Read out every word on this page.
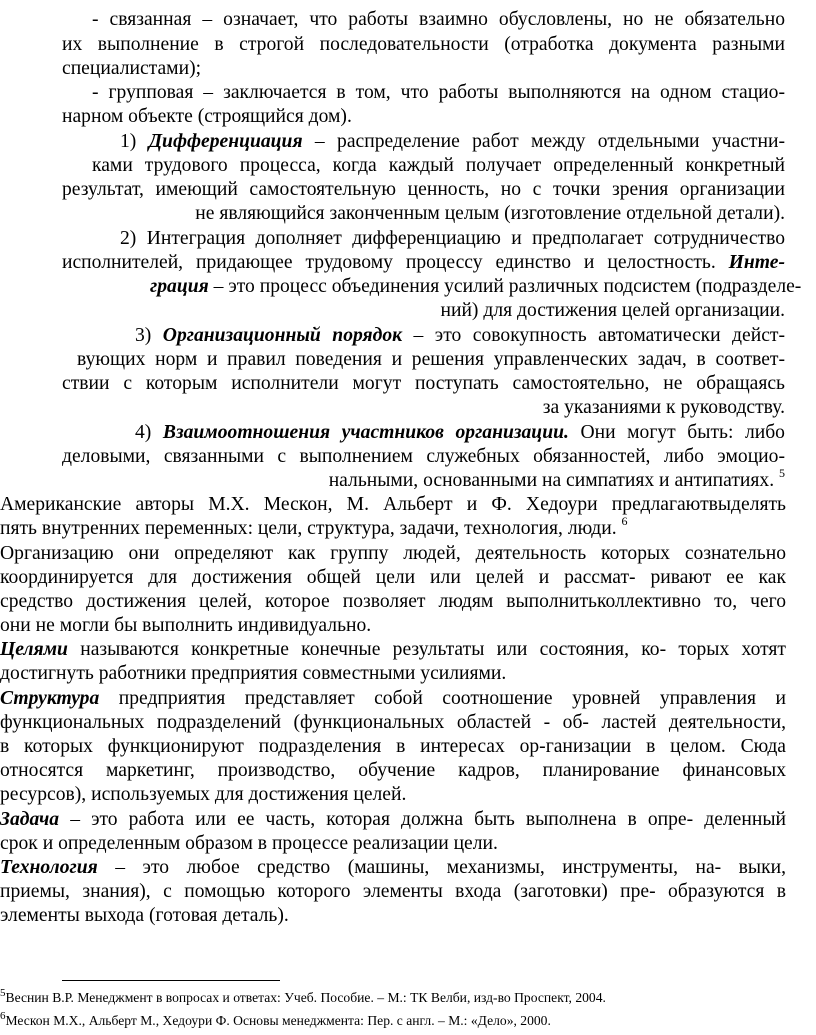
- связанная – означает, что работы взаимно обусловлены, но не обязательно
их выполнение в строгой последовательности (отработка документа разными
специалистами);
- групповая – заключается в том, что работы выполняются на одном стацио-
нарном объекте (строящийся дом).
1) Дифференциация – распределение работ между отдельными участни-
ками трудового процесса, когда каждый получает определенный конкретный
результат, имеющий самостоятельную ценность, но с точки зрения организации
не являющийся законченным целым (изготовление отдельной детали).
2) Интеграция дополняет дифференциацию и предполагает сотрудничество
исполнителей, придающее трудовому процессу единство и целостность. Инте-
грация – это процесс объединения усилий различных подсистем (подразделе-
ний) для достижения целей организации.
3) Организационный порядок – это совокупность автоматически дейст-
вующих норм и правил поведения и решения управленческих задач, в соответ-
ствии с которым исполнители могут поступать самостоятельно, не обращаясь
за указаниями к руководству.
4) Взаимоотношения участников организации. Они могут быть: либо
деловыми, связанными с выполнением служебных обязанностей, либо эмоцио-
нальными, основанными на симпатиях и антипатиях. $^5$
Американские авторы М.Х. Мескон, М. Альберт и Ф. Хедоури предлагаютвыделять
пять внутренних переменных: цели, структура, задачи, технология, люди. $^6$
Организацию они определяют как группу людей, деятельность которых сознательно
координируется для достижения общей цели или целей и рассмат- ривают ее как
средство достижения целей, которое позволяет людям выполнитьколлективно то, чего
они не могли бы выполнить индивидуально.
Целями называются конкретные конечные результаты или состояния, ко- торых хотят
достигнуть работники предприятия совместными усилиями.
Структура предприятия представляет собой соотношение уровней управления и
функциональных подразделений (функциональных областей - об- ластей деятельности,
в которых функционируют подразделения в интересах ор-ганизации в целом. Сюда
относятся маркетинг, производство, обучение кадров, планирование финансовых
ресурсов), используемых для достижения целей.
Задача – это работа или ее часть, которая должна быть выполнена в опре- деленный
срок и определенным образом в процессе реализации цели.
Технология – это любое средство (машины, механизмы, инструменты, на- выки,
приемы, знания), с помощью которого элементы входа (заготовки) пре- образуются в
элементы выхода (готовая деталь).
$^5$Веснин В.Р. Менеджмент в вопросах и ответах: Учеб. Пособие. – М.: ТК Велби, изд-во Проспект, 2004.
$^6$Мескон М.Х., Альберт М., Хедоури Ф. Основы менеджмента: Пер. с англ. – М.: «Дело», 2000.
